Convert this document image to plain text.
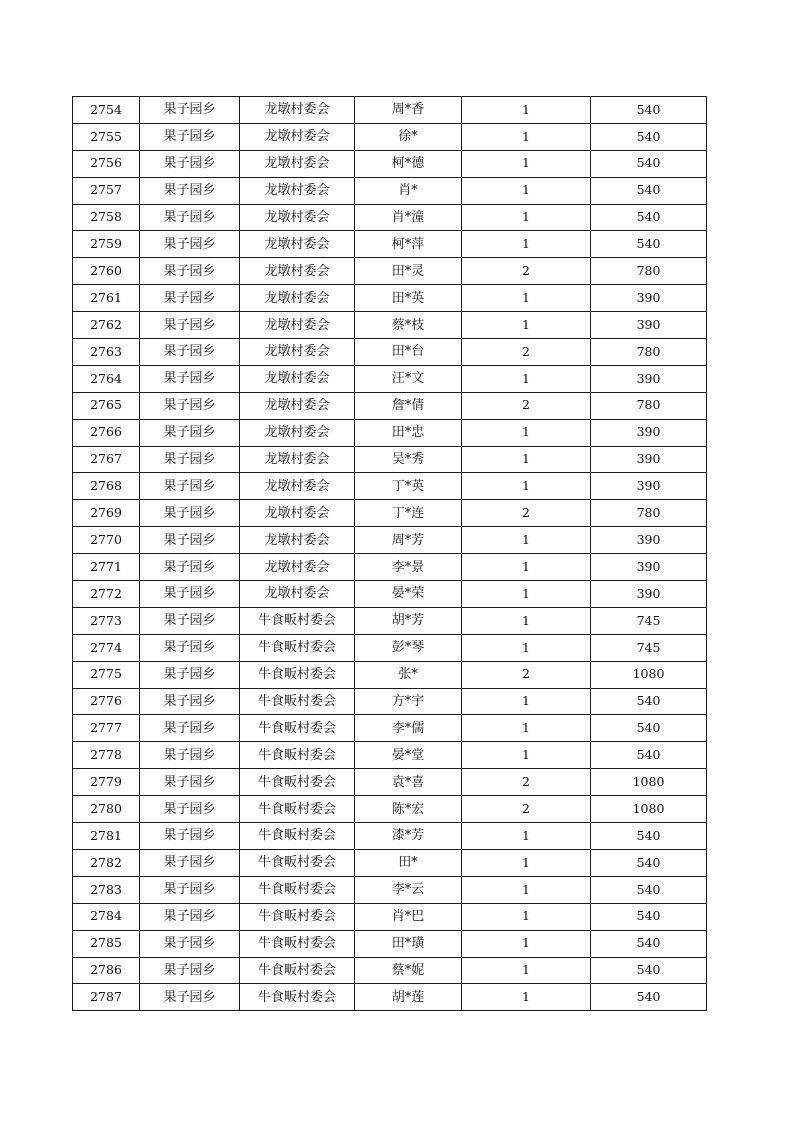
2754	果子园乡	龙墩村委会	周*香	1	540
2755	果子园乡	龙墩村委会	徐*	1	540
2756	果子园乡	龙墩村委会	柯*德	1	540
2757	果子园乡	龙墩村委会	肖*	1	540
2758	果子园乡	龙墩村委会	肖*潼	1	540
2759	果子园乡	龙墩村委会	柯*萍	1	540
2760	果子园乡	龙墩村委会	田*灵	2	780
2761	果子园乡	龙墩村委会	田*英	1	390
2762	果子园乡	龙墩村委会	蔡*枝	1	390
2763	果子园乡	龙墩村委会	田*台	2	780
2764	果子园乡	龙墩村委会	汪*文	1	390
2765	果子园乡	龙墩村委会	詹*倩	2	780
2766	果子园乡	龙墩村委会	田*忠	1	390
2767	果子园乡	龙墩村委会	吴*秀	1	390
2768	果子园乡	龙墩村委会	丁*英	1	390
2769	果子园乡	龙墩村委会	丁*连	2	780
2770	果子园乡	龙墩村委会	周*芳	1	390
2771	果子园乡	龙墩村委会	李*景	1	390
2772	果子园乡	龙墩村委会	晏*荣	1	390
2773	果子园乡	牛食畈村委会	胡*芳	1	745
2774	果子园乡	牛食畈村委会	彭*琴	1	745
2775	果子园乡	牛食畈村委会	张*	2	1080
2776	果子园乡	牛食畈村委会	方*宇	1	540
2777	果子园乡	牛食畈村委会	李*儒	1	540
2778	果子园乡	牛食畈村委会	晏*堂	1	540
2779	果子园乡	牛食畈村委会	袁*喜	2	1080
2780	果子园乡	牛食畈村委会	陈*宏	2	1080
2781	果子园乡	牛食畈村委会	漆*芳	1	540
2782	果子园乡	牛食畈村委会	田*	1	540
2783	果子园乡	牛食畈村委会	李*云	1	540
2784	果子园乡	牛食畈村委会	肖*巴	1	540
2785	果子园乡	牛食畈村委会	田*璜	1	540
2786	果子园乡	牛食畈村委会	蔡*妮	1	540
2787	果子园乡	牛食畈村委会	胡*莲	1	540
